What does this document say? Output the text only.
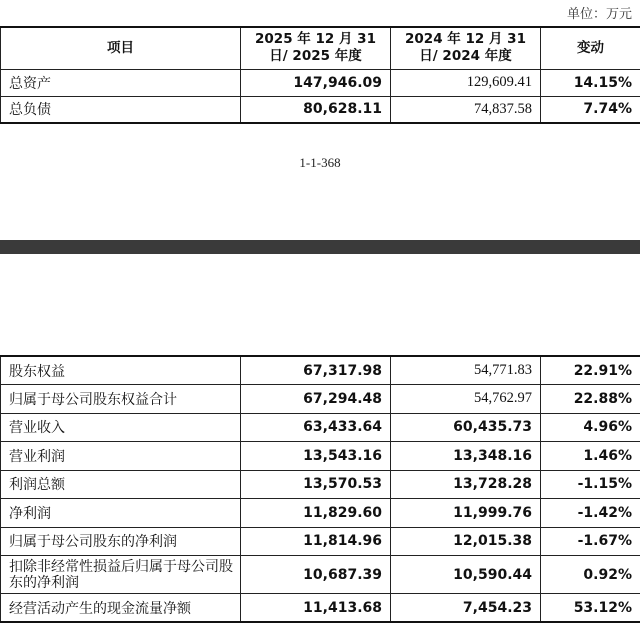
单位：万元
项目	2025 年 12 月 31 日/ 2025 年度	2024 年 12 月 31 日/ 2024 年度	变动
总资产	147,946.09	129,609.41	14.15%
总负债	80,628.11	74,837.58	7.74%
1-1-368
股东权益	67,317.98	54,771.83	22.91%
归属于母公司股东权益合计	67,294.48	54,762.97	22.88%
营业收入	63,433.64	60,435.73	4.96%
营业利润	13,543.16	13,348.16	1.46%
利润总额	13,570.53	13,728.28	-1.15%
净利润	11,829.60	11,999.76	-1.42%
归属于母公司股东的净利润	11,814.96	12,015.38	-1.67%
扣除非经常性损益后归属于母公司股东的净利润	10,687.39	10,590.44	0.92%
经营活动产生的现金流量净额	11,413.68	7,454.23	53.12%
